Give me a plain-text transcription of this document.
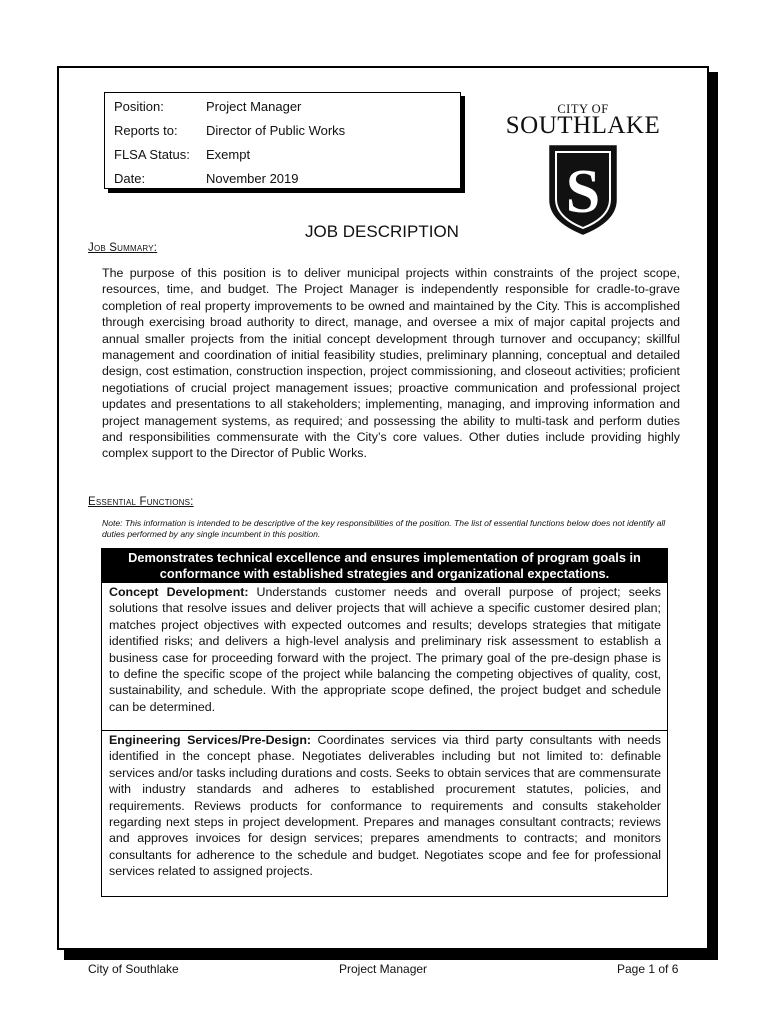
Position:	Project Manager
Reports to: Director of Public Works
FLSA Status: Exempt
Date:	November 2019
CITY OF
SOUTHLAKE
S
JOB DESCRIPTION
Job Summary:

The purpose of this position is to deliver municipal projects within constraints of the project scope, resources, time, and budget. The Project Manager is independently responsible for cradle-to-grave completion of real property improvements to be owned and maintained by the City. This is accomplished through exercising broad authority to direct, manage, and oversee a mix of major capital projects and annual smaller projects from the initial concept development through turnover and occupancy; skillful management and coordination of initial feasibility studies, preliminary planning, conceptual and detailed design, cost estimation, construction inspection, project commissioning, and closeout activities; proficient negotiations of crucial project management issues; proactive communication and professional project updates and presentations to all stakeholders; implementing, managing, and improving information and project management systems, as required; and possessing the ability to multi-task and perform duties and responsibilities commensurate with the City’s core values. Other duties include providing highly complex support to the Director of Public Works.

Essential Functions:

Note: This information is intended to be descriptive of the key responsibilities of the position. The list of essential functions below does not identify all duties performed by any single incumbent in this position.

Demonstrates technical excellence and ensures implementation of program goals in conformance with established strategies and organizational expectations.
Concept Development: Understands customer needs and overall purpose of project; seeks solutions that resolve issues and deliver projects that will achieve a specific customer desired plan; matches project objectives with expected outcomes and results; develops strategies that mitigate identified risks; and delivers a high-level analysis and preliminary risk assessment to establish a business case for proceeding forward with the project. The primary goal of the pre-design phase is to define the specific scope of the project while balancing the competing objectives of quality, cost, sustainability, and schedule. With the appropriate scope defined, the project budget and schedule can be determined.
Engineering Services/Pre-Design: Coordinates services via third party consultants with needs identified in the concept phase. Negotiates deliverables including but not limited to: definable services and/or tasks including durations and costs. Seeks to obtain services that are commensurate with industry standards and adheres to established procurement statutes, policies, and requirements. Reviews products for conformance to requirements and consults stakeholder regarding next steps in project development. Prepares and manages consultant contracts; reviews and approves invoices for design services; prepares amendments to contracts; and monitors consultants for adherence to the schedule and budget. Negotiates scope and fee for professional services related to assigned projects.
City of Southlake	Project Manager	Page 1 of 6
